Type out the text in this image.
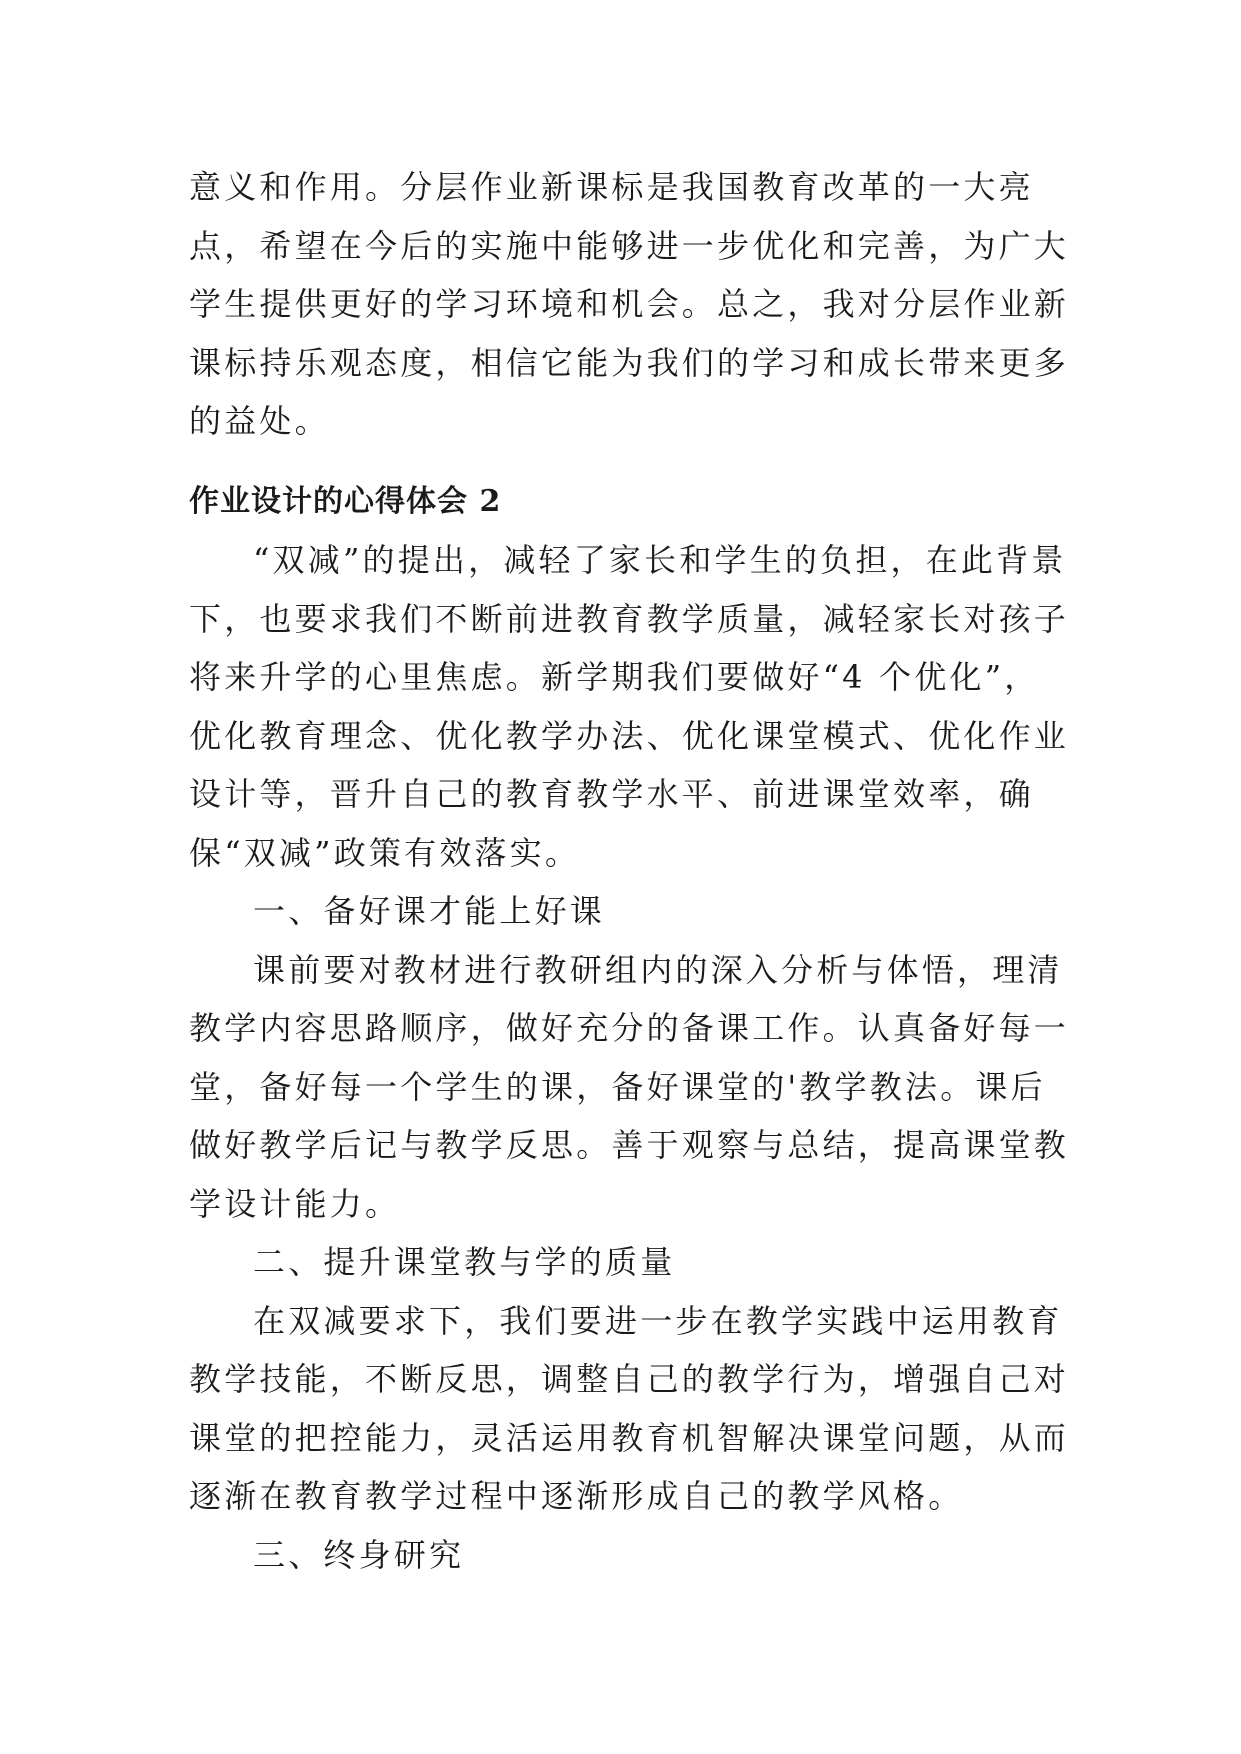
意义和作用。分层作业新课标是我国教育改革的一大亮点，希望在今后的实施中能够进一步优化和完善，为广大学生提供更好的学习环境和机会。总之，我对分层作业新课标持乐观态度，相信它能为我们的学习和成长带来更多的益处。

作业设计的心得体会 2

“双减”的提出，减轻了家长和学生的负担，在此背景下，也要求我们不断前进教育教学质量，减轻家长对孩子将来升学的心里焦虑。新学期我们要做好“4 个优化”，优化教育理念、优化教学办法、优化课堂模式、优化作业设计等，晋升自己的教育教学水平、前进课堂效率，确保“双减”政策有效落实。

一、备好课才能上好课

课前要对教材进行教研组内的深入分析与体悟，理清教学内容思路顺序，做好充分的备课工作。认真备好每一堂，备好每一个学生的课，备好课堂的'教学教法。课后做好教学后记与教学反思。善于观察与总结，提高课堂教学设计能力。

二、提升课堂教与学的质量

在双减要求下，我们要进一步在教学实践中运用教育教学技能，不断反思，调整自己的教学行为，增强自己对课堂的把控能力，灵活运用教育机智解决课堂问题，从而逐渐在教育教学过程中逐渐形成自己的教学风格。

三、终身研究
